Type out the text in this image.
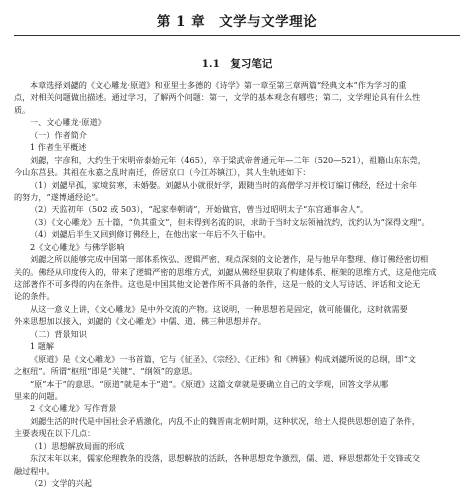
第 1 章　文学与文学理论
1.1　复习笔记
本章选择刘勰的《文心雕龙·原道》和亚里士多德的《诗学》第一章至第三章两篇“经典文本”作为学习的重
点，对相关问题做出描述。通过学习，了解两个问题：第一，文学的基本观念有哪些；第二，文学理论具有什么性
质。
一、文心雕龙·原道》
（一）作者简介
1 作者生平概述
刘勰，字彦和，大约生于宋明帝泰始元年（465），卒于梁武帝普通元年—二年（520—521），祖籍山东东莞，
今山东莒县。其祖在永嘉之乱时南迁，侨居京口（今江苏镇江），其人生轨迹如下：
（1）刘勰早孤，家境贫寒，未婚娶。刘勰从小就很好学，跟随当时的高僧学习并校订编订佛经，经过十余年
的努力，“遂博通经论”。
（2）天监初年（502 或 503），“起家奉朝请”，开始做官，曾当过昭明太子“东宫通事舍人”。
（3）《文心雕龙》五十篇，“负其重文”，但未得到名流的识，求助于当时文坛领袖沈约，沈约认为“深得文理”。
（4）刘勰后半生又回到修订佛经上，在他出家一年后不久于临中。
2《文心雕龙》与佛学影响
刘勰之所以能够完成中国第一部体系恢弘、逻辑严密、观点深刻的文论著作，是与他早年整理、修订佛经密切相
关的。佛经从印度传入的，带来了逻辑严密的思维方式，刘勰从佛经里获取了构建体系、框架的思维方式，这是他完成
这部著作不可多得的内在条件。这也是中国其他文论著作所不具备的条件，这是一般的文人写诗话、评话和文论无
论的条件。
从这一意义上讲，《文心雕龙》是中外交流的产物。这说明，一种思想若是固定，就可能僵化，这时就需要
外来思想加以接入，刘勰的《文心雕龙》中儒、道、佛三种思想并存。
（二）背景知识
1 题解
《原道》是《文心雕龙》一书首篇，它与《征圣》、《宗经》、《正纬》和《辨骚》构成刘勰所说的总纲，即“文
之枢纽”。所谓“枢纽”即是“关键”、“纲领”的意思。
“原”本于”的意思。“原道”就是本于“道”。《原道》这篇文章就是要确立自己的文学观，回答文学从哪
里来的问题。
2《文心雕龙》写作背景
刘勰生活的时代是中国社会矛盾激化，内乱不止的魏晋南北朝时期，这种状况，给士人提供思想创造了条件，
主要表现在以下几点：
（1）思想解放局面的形成
东汉末年以来，儒家伦理教条的没落，思想解放的活跃，各种思想竞争激烈，儒、道、释思想都处于交锋或交
融过程中。
（2）文学的兴起
